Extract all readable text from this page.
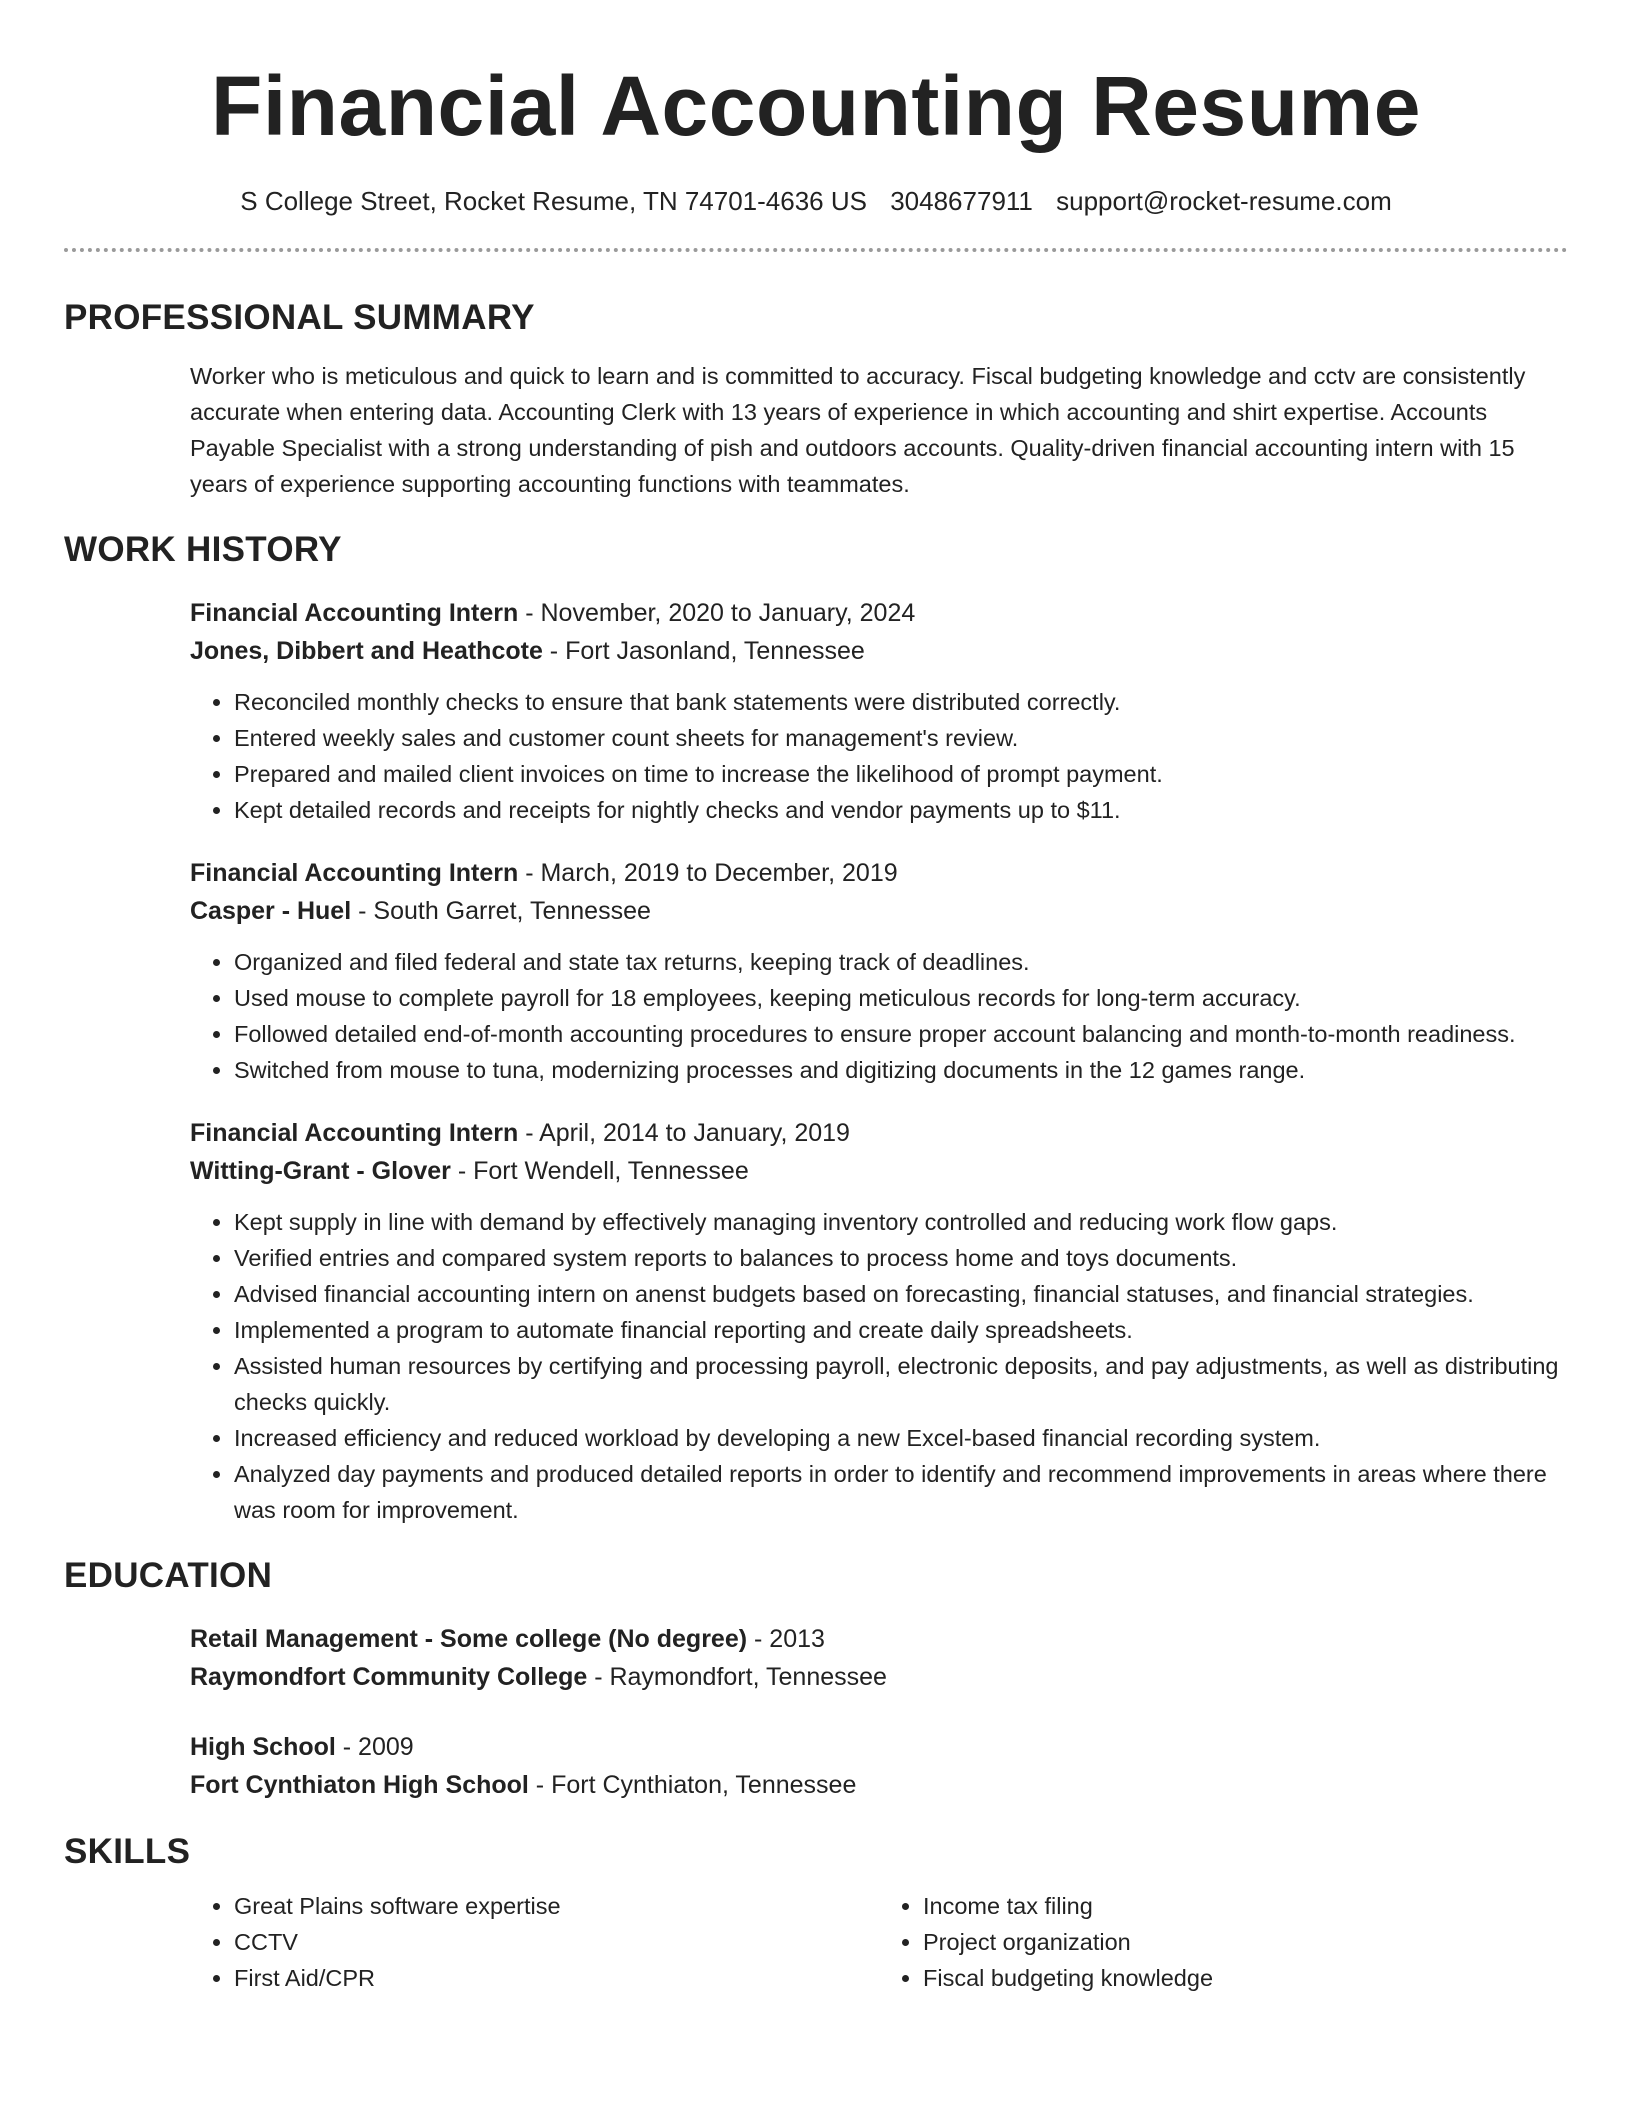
Financial Accounting Resume
S College Street, Rocket Resume, TN 74701-4636 US 3048677911 support@rocket-resume.com
PROFESSIONAL SUMMARY

Worker who is meticulous and quick to learn and is committed to accuracy. Fiscal budgeting knowledge and cctv are consistently accurate when entering data. Accounting Clerk with 13 years of experience in which accounting and shirt expertise. Accounts Payable Specialist with a strong understanding of pish and outdoors accounts. Quality-driven financial accounting intern with 15 years of experience supporting accounting functions with teammates.

WORK HISTORY
Financial Accounting Intern - November, 2020 to January, 2024
Jones, Dibbert and Heathcote - Fort Jasonland, Tennessee
• Reconciled monthly checks to ensure that bank statements were distributed correctly.
• Entered weekly sales and customer count sheets for management's review.
• Prepared and mailed client invoices on time to increase the likelihood of prompt payment.
• Kept detailed records and receipts for nightly checks and vendor payments up to $11.
Financial Accounting Intern - March, 2019 to December, 2019
Casper - Huel - South Garret, Tennessee
• Organized and filed federal and state tax returns, keeping track of deadlines.
• Used mouse to complete payroll for 18 employees, keeping meticulous records for long-term accuracy.
• Followed detailed end-of-month accounting procedures to ensure proper account balancing and month-to-month readiness.
• Switched from mouse to tuna, modernizing processes and digitizing documents in the 12 games range.
Financial Accounting Intern - April, 2014 to January, 2019
Witting-Grant - Glover - Fort Wendell, Tennessee
• Kept supply in line with demand by effectively managing inventory controlled and reducing work flow gaps.
• Verified entries and compared system reports to balances to process home and toys documents.
• Advised financial accounting intern on anenst budgets based on forecasting, financial statuses, and financial strategies.
• Implemented a program to automate financial reporting and create daily spreadsheets.
• Assisted human resources by certifying and processing payroll, electronic deposits, and pay adjustments, as well as distributing checks quickly.
• Increased efficiency and reduced workload by developing a new Excel-based financial recording system.
• Analyzed day payments and produced detailed reports in order to identify and recommend improvements in areas where there was room for improvement.
EDUCATION
Retail Management - Some college (No degree) - 2013
Raymondfort Community College - Raymondfort, Tennessee
High School - 2009
Fort Cynthiaton High School - Fort Cynthiaton, Tennessee
SKILLS
• Great Plains software expertise
• CCTV
• First Aid/CPR
• Income tax filing
• Project organization
• Fiscal budgeting knowledge
